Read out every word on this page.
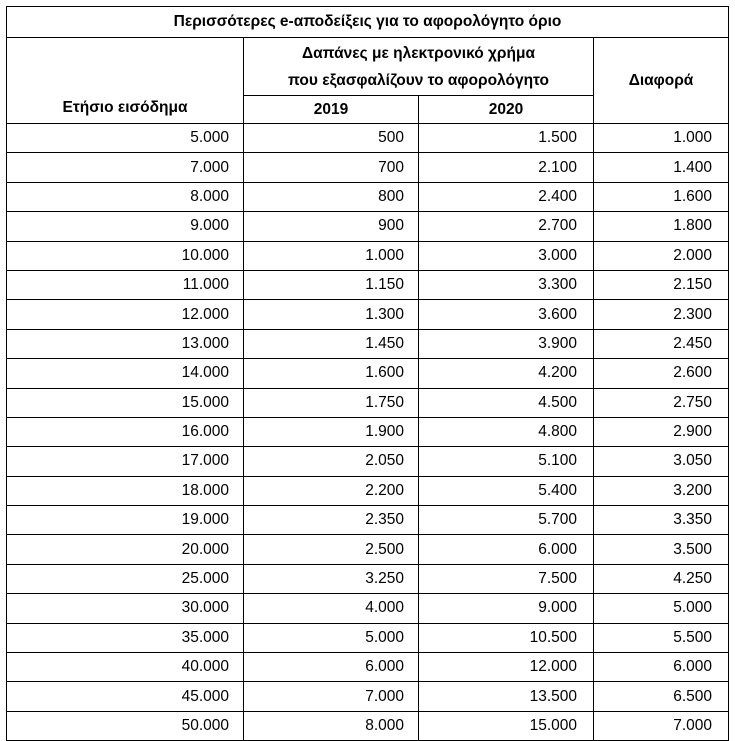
Περισσότερες e-αποδείξεις για το αφορολόγητο όριο			
Ετήσιο εισόδημα	Δαπάνες με ηλεκτρονικό χρήμα
που εξασφαλίζουν το αφορολόγητο		Διαφορά
	2019	2020	
5.000	500	1.500	1.000
7.000	700	2.100	1.400
8.000	800	2.400	1.600
9.000	900	2.700	1.800
10.000	1.000	3.000	2.000
11.000	1.150	3.300	2.150
12.000	1.300	3.600	2.300
13.000	1.450	3.900	2.450
14.000	1.600	4.200	2.600
15.000	1.750	4.500	2.750
16.000	1.900	4.800	2.900
17.000	2.050	5.100	3.050
18.000	2.200	5.400	3.200
19.000	2.350	5.700	3.350
20.000	2.500	6.000	3.500
25.000	3.250	7.500	4.250
30.000	4.000	9.000	5.000
35.000	5.000	10.500	5.500
40.000	6.000	12.000	6.000
45.000	7.000	13.500	6.500
50.000	8.000	15.000	7.000
